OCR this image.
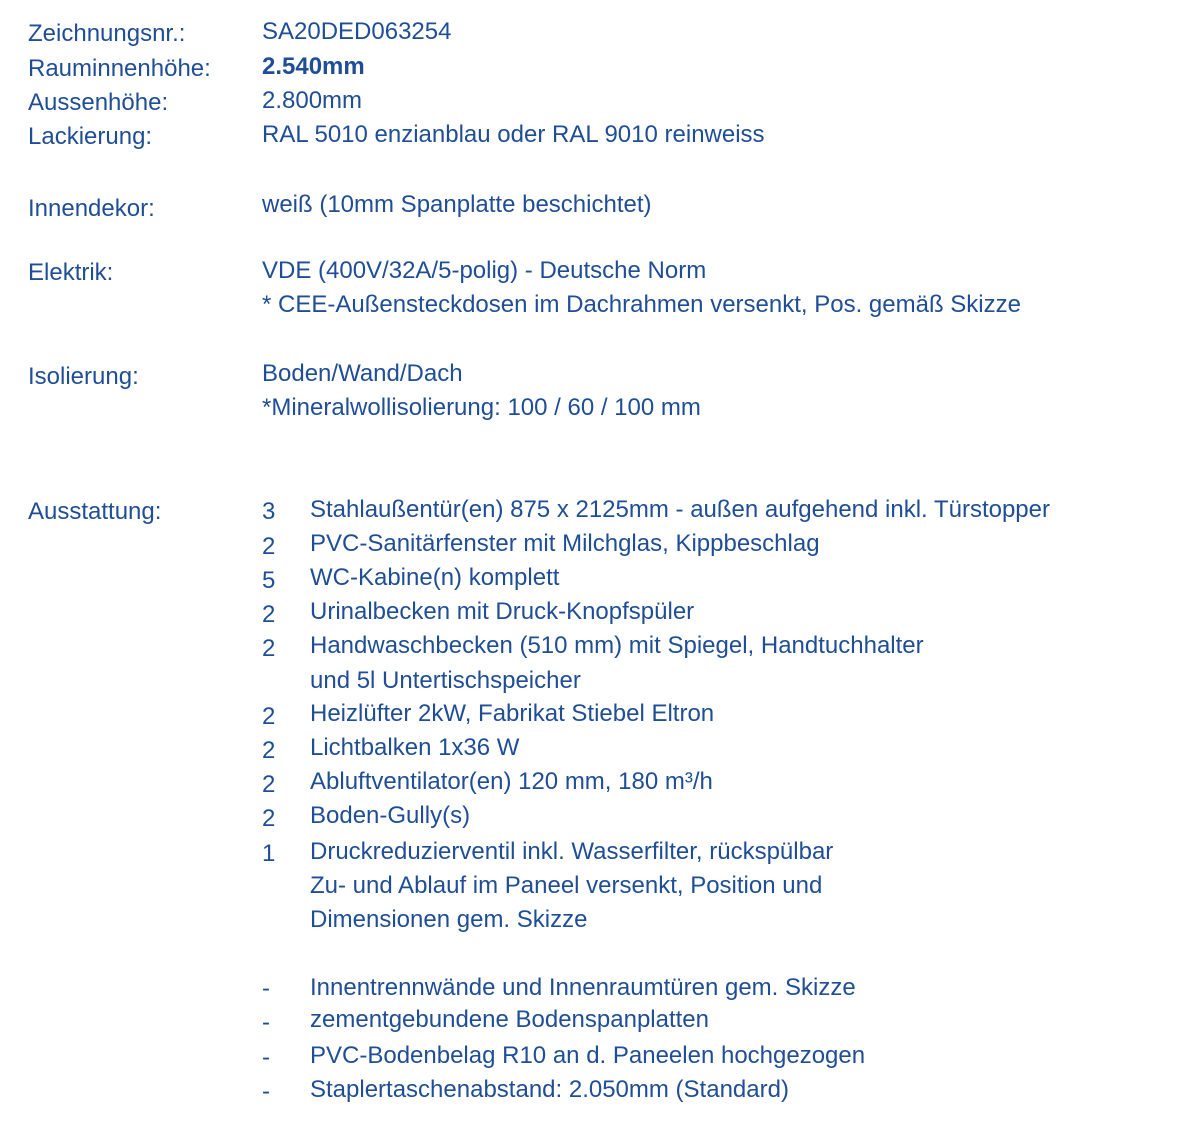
Zeichnungsnr.:	SA20DED063254
Rauminnenhöhe: 2.540mm
Aussenhöhe:	2.800mm
Lackierung:	RAL 5010 enzianblau oder RAL 9010 reinweiss
Innendekor:	weiß (10mm Spanplatte beschichtet)
Elektrik:	VDE (400V/32A/5-polig) - Deutsche Norm
* CEE-Außensteckdosen im Dachrahmen versenkt, Pos. gemäß Skizze
Isolierung:	Boden/Wand/Dach
*Mineralwollisolierung: 100 / 60 / 100 mm
Ausstattung:	3 Stahlaußentür(en) 875 x 2125mm - außen aufgehend inkl. Türstopper
2 PVC-Sanitärfenster mit Milchglas, Kippbeschlag
5 WC-Kabine(n) komplett
2 Urinalbecken mit Druck-Knopfspüler
2 Handwaschbecken (510 mm) mit Spiegel, Handtuchhalter
und 5l Untertischspeicher
2 Heizlüfter 2kW, Fabrikat Stiebel Eltron
2 Lichtbalken 1x36 W
2 Abluftventilator(en) 120 mm, 180 m³/h
2 Boden-Gully(s)
1 Druckreduzierventil inkl. Wasserfilter, rückspülbar
Zu- und Ablauf im Paneel versenkt, Position und
Dimensionen gem. Skizze
- Innentrennwände und Innenraumtüren gem. Skizze
- zementgebundene Bodenspanplatten
- PVC-Bodenbelag R10 an d. Paneelen hochgezogen
- Staplertaschenabstand: 2.050mm (Standard)
